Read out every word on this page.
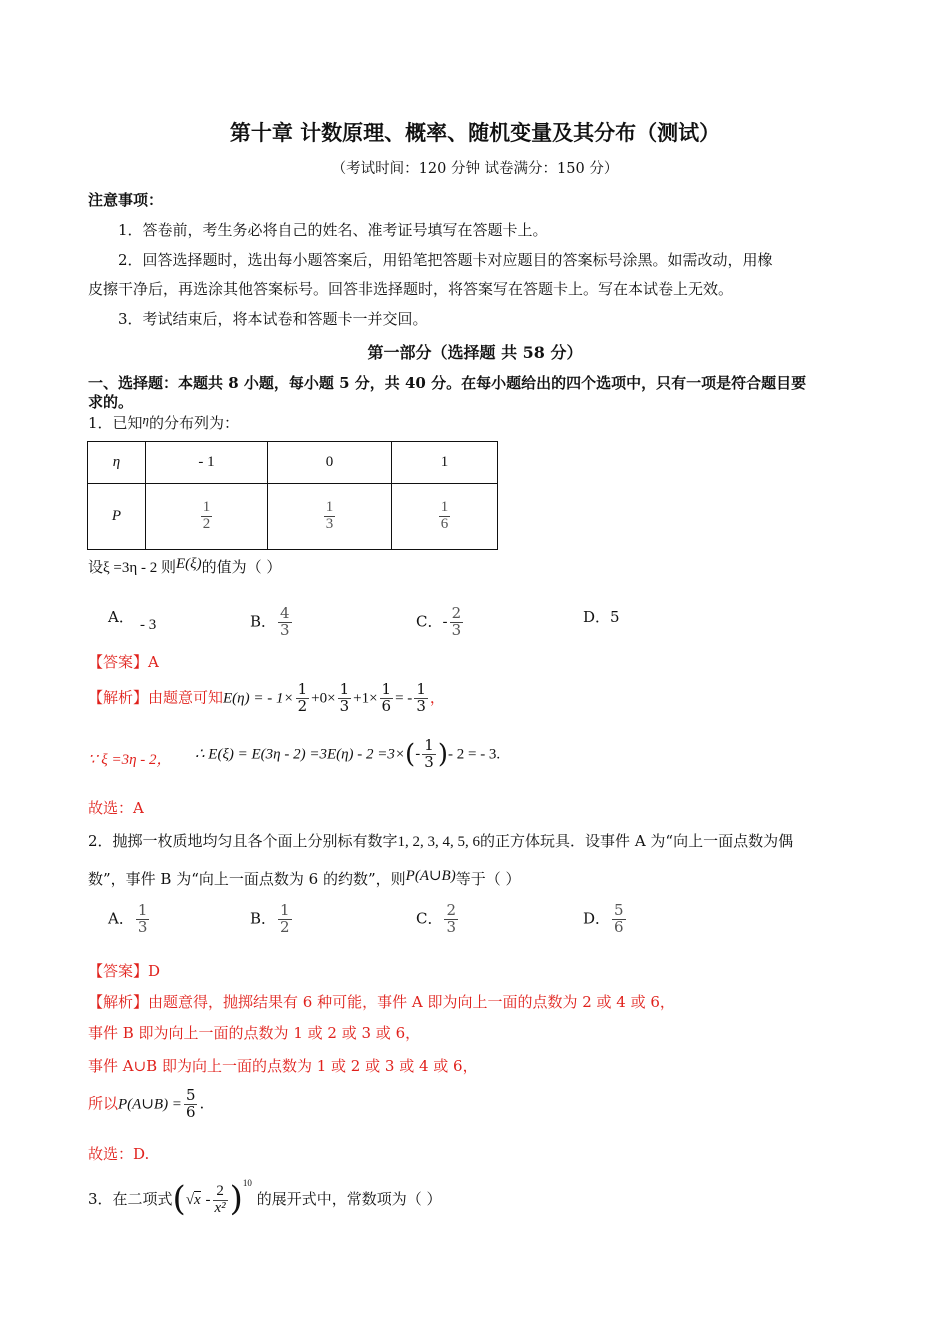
第十章 计数原理、概率、随机变量及其分布（测试）
（考试时间：120 分钟 试卷满分：150 分）
注意事项：
1．答卷前，考生务必将自己的姓名、准考证号填写在答题卡上。
2．回答选择题时，选出每小题答案后，用铅笔把答题卡对应题目的答案标号涂黑。如需改动，用橡
皮擦干净后，再选涂其他答案标号。回答非选择题时，将答案写在答题卡上。写在本试卷上无效。
3．考试结束后，将本试卷和答题卡一并交回。
第一部分（选择题 共 58 分）
一、选择题：本题共 8 小题，每小题 5 分，共 40 分。在每小题给出的四个选项中，只有一项是符合题目要
求的。
1．已知η的分布列为：
η	- 1	0	1
P	$\frac{1}{2}$	$\frac{1}{3}$	$\frac{1}{6}$
设ξ =3η - 2 则E(ξ)的值为（ ）
A． - 3	B． $\frac{4}{3}$	C．- $\frac{2}{3}$	D．5
【答案】A
【解析】由题意可知E(η) = - $1\times \frac{1}{2} +0\times \frac{1}{3} +1\times \frac{1}{6}$ = - $\frac{1}{3}$ ，
∵ ξ =3η - 2， ∴ $E(\xi) = E(3\eta - 2) =3E(\eta) - 2 =3\times(- \frac{1}{3}$ )- 2 = - 3.
故选：A
2．抛掷一枚质地均匀且各个面上分别标有数字1, 2, 3, 4, 5, 6的正方体玩具．设事件 A 为“向上一面点数为偶
数”，事件 B 为“向上一面点数为 6 的约数”，则P(A∪B)等于（ ）
A． $\frac{1}{3}$	B． $\frac{1}{2}$	C． $\frac{2}{3}$	D． $\frac{5}{6}$
【答案】D
【解析】由题意得，抛掷结果有 6 种可能，事件 A 即为向上一面的点数为 2 或 4 或 6，
事件 B 即为向上一面的点数为 1 或 2 或 3 或 6，
事件 A∪B 即为向上一面的点数为 1 或 2 或 3 或 4 或 6，
所以P(A∪B) = $\frac{5}{6}$ .
故选：D.
3．在二项式$(√x - \frac{2}{\text{x²}} )^{10}$ 的展开式中，常数项为（ ）
